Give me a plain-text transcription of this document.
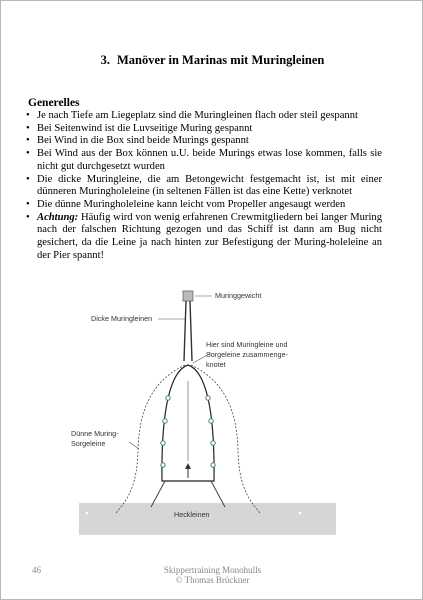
3. Manöver in Marinas mit Muringleinen
Generelles
• Je nach Tiefe am Liegeplatz sind die Muringleinen flach oder steil gespannt
• Bei Seitenwind ist die Luvseitige Muring gespannt
• Bei Wind in die Box sind beide Murings gespannt
• Bei Wind aus der Box können u.U. beide Murings etwas lose kommen, falls sie nicht gut durchgesetzt wurden
• Die dicke Muringleine, die am Betongewicht festgemacht ist, ist mit einer dünneren Muringholeleine (in seltenen Fällen ist das eine Kette) verknotet
• Die dünne Muringholeleine kann leicht vom Propeller angesaugt werden
• Achtung: Häufig wird von wenig erfahrenen Crewmitgliedern bei langer Muring nach der falschen Richtung gezogen und das Schiff ist dann am Bug nicht gesichert, da die Leine ja nach hinten zur Befestigung der Muring-holeleine an der Pier spannt!
Muringgewicht
Dicke Muringleinen
Hier sind Muringleine und
Sorgeleine zusammenge-
knotet
Heckleinen
Dünne Muring-
Sorgeleine
46	Skippertraining Monohulls
© Thomas Brückner
